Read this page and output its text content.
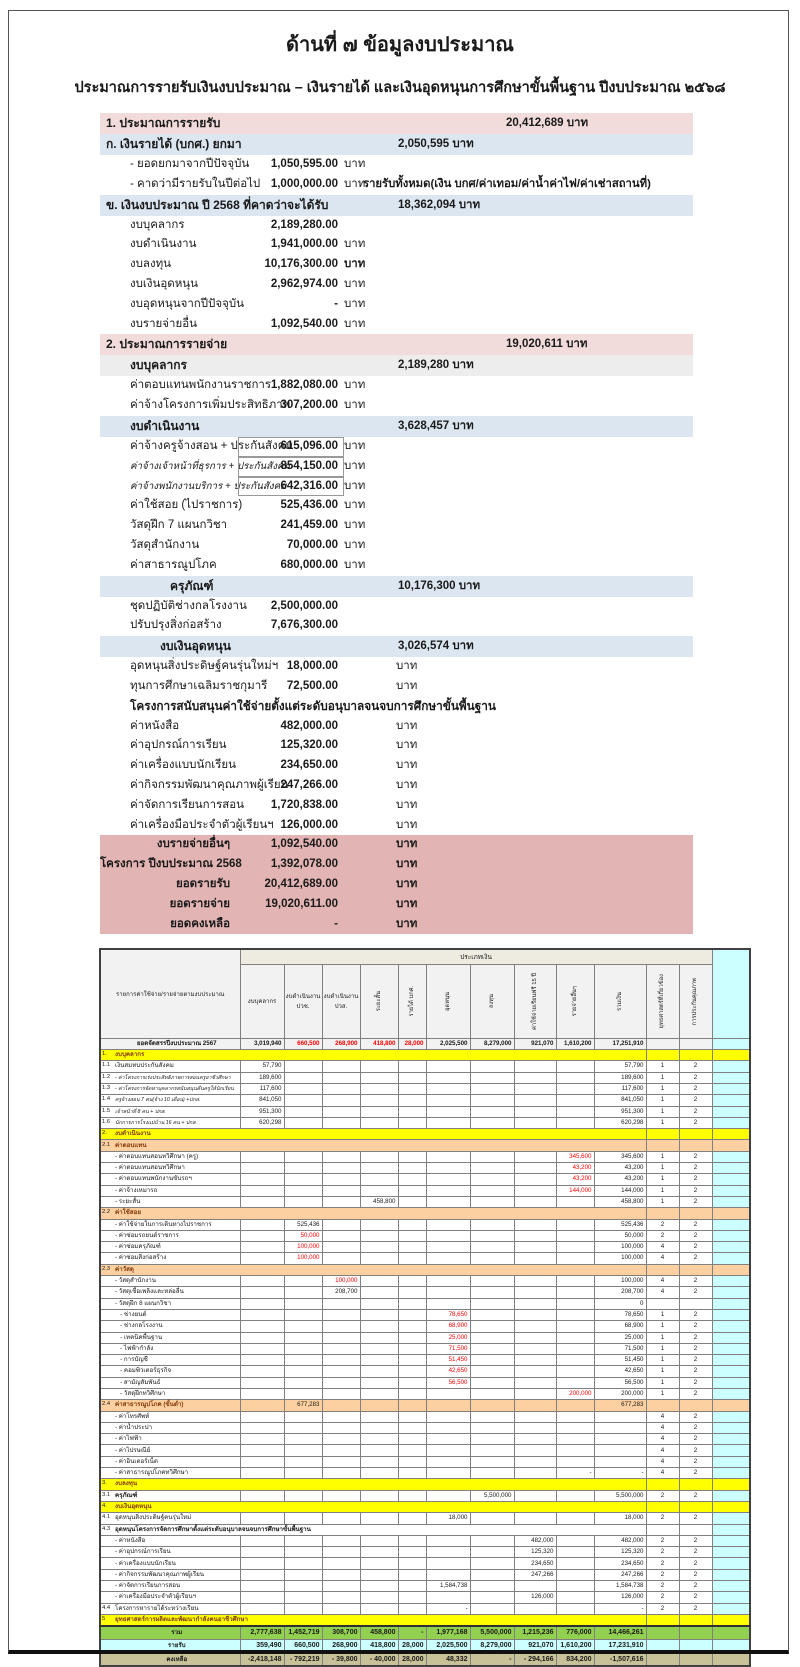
ด้านที่ ๗ ข้อมูลงบประมาณ
ประมาณการรายรับเงินงบประมาณ – เงินรายได้ และเงินอุดหนุนการศึกษาขั้นพื้นฐาน ปีงบประมาณ ๒๕๖๘
1. ประมาณการรายรับ	20,412,689 บาท
ก. เงินรายได้ (บกศ.) ยกมา	2,050,595 บาท
- ยอดยกมาจากปีปัจจุบัน	1,050,595.00 บาท
- คาดว่ามีรายรับในปีต่อไป 1,000,000.00 บาท
รายรับทั้งหมด(เงิน บกศ/ค่าเทอม/ค่าน้ำค่าไฟ/ค่าเช่าสถานที่)
ข. เงินงบประมาณ ปี 2568 ที่คาดว่าจะได้รับ	18,362,094 บาท
งบบุคลากร	2,189,280.00
งบดำเนินงาน	1,941,000.00 บาท
งบลงทุน	10,176,300.00 บาท
งบเงินอุดหนุน	2,962,974.00 บาท
งบอุดหนุนจากปีปัจจุบัน	- บาท
งบรายจ่ายอื่น	1,092,540.00 บาท
2. ประมาณการรายจ่าย	19,020,611 บาท
งบบุคลากร	2,189,280 บาท
ค่าตอบแทนพนักงานราชการ 1,882,080.00 บาท
ค่าจ้างโครงการเพิ่มประสิทธิภาพ
307,200.00 บาท
งบดำเนินงาน	3,628,457 บาท
ค่าจ้างครูจ้างสอน + ประกันสังคม
615,096.00 บาท
ค่าจ้างเจ้าหน้าที่ธุรการ + ประกันสังคม
854,150.00 บาท
ค่าจ้างพนักงานบริการ + ประกันสังคม
642,316.00 บาท
ค่าใช้สอย (ไปราชการ)	525,436.00 บาท
วัสดุฝึก 7 แผนกวิชา	241,459.00 บาท
วัสดุสำนักงาน	70,000.00 บาท
ค่าสาธารณูปโภค	680,000.00 บาท
ครุภัณฑ์	10,176,300 บาท
ชุดปฏิบัติช่างกลโรงงาน	2,500,000.00
ปรับปรุงสิ่งก่อสร้าง	7,676,300.00
งบเงินอุดหนุน	3,026,574 บาท
อุดหนุนสิ่งประดิษฐ์คนรุ่นใหม่ฯ 18,000.00	บาท
ทุนการศึกษาเฉลิมราชกุมารี	72,500.00	บาท
โครงการสนับสนุนค่าใช้จ่ายตั้งแต่ระดับอนุบาลจนจบการศึกษาขั้นพื้นฐาน
ค่าหนังสือ	482,000.00	บาท
ค่าอุปกรณ์การเรียน	125,320.00	บาท
ค่าเครื่องแบบนักเรียน	234,650.00	บาท
ค่ากิจกรรมพัฒนาคุณภาพผู้เรียน
247,266.00	บาท
ค่าจัดการเรียนการสอน	1,720,838.00	บาท
ค่าเครื่องมือประจำตัวผู้เรียนฯ 126,000.00	บาท
งบรายจ่ายอื่นๆ	1,092,540.00	บาท
โครงการ ปีงบประมาณ 2568	1,392,078.00	บาท
ยอดรายรับ	20,412,689.00	บาท
ยอดรายจ่าย	19,020,611.00	บาท
ยอดคงเหลือ	-	บาท
รายการค่าใช้จ่าย/รายจ่ายตามงบประมาณ	ประเภทเงิน												

	งบบุคลากร	งบดำเนินงาน ปวช.	งบดำเนินงาน ปวส.	ระยะสั้น	รายได้ บกศ.	อุดหนุน	ลงทุน	ค่าใช้จ่ายเรียนฟรี 15 ปี	รายจ่ายอื่นๆ	รวมเงิน	ยุทธศาสตร์ที่เกี่ยวข้อง	การประกันคุณภาพ	

ยอดจัดสรรปีงบประมาณ 2567	3,019,940	660,500	268,900	418,800	28,000	2,025,500	8,279,000	921,070	1,610,200	17,251,910			
1. งบบุคลากร													
1.1 เงินสมทบประกันสังคม	57,790									57,790	1	2	
1.2 - ค่าโครงการเร่งประสิทธิภาพการสอนครูอาชีวศึกษา	189,600									189,600	1	2	
1.3 - ค่าโครงการจัดหาบุคลากรสนับสนุนคืนครูให้นักเรียน	117,600									117,600	1	2	
1.4 ครูจ้างสอน 7 คน(จ้าง 10 เดือน) +ปกส.	841,050									841,050	1	2	
1.5 เจ้าหน้าที่ 8 คน + ปกส.	951,300									951,300	1	2	
1.6 นักการภารโรงแม่บ้าน 16 คน + ปกส.	620,298									620,298	1	2	
2. งบดำเนินงาน													
2.1 ค่าตอบแทน													
- ค่าตอบแทนสอนทวิศึกษา (ครู)									345,600	345,600	1	2	
- ค่าตอบแทนสอนทวิศึกษา									43,200	43,200	1	2	
- ค่าตอบแทนพนักงานขับรถฯ									43,200	43,200	1	2	
- ค่าจ้างเหมารถ									144,000	144,000	1	2	
- ระยะสั้น				458,800						458,800	1	2	
2.2 ค่าใช้สอย													
- ค่าใช้จ่ายในการเดินทางไปราชการ		525,436								525,436	2	2	
- ค่าซ่อมรถยนต์ราชการ		50,000								50,000	2	2	
- ค่าซ่อมครุภัณฑ์		100,000								100,000	4	2	
- ค่าซ่อมสิ่งก่อสร้าง		100,000								100,000	4	2	
2.3 ค่าวัสดุ													
- วัสดุสำนักงาน			100,000							100,000	4	2	
- วัสดุเชื้อเพลิงและหล่อลื่น			208,700							208,700	4	2	
- วัสดุฝึก 8 แผนกวิชา										0			
- ช่างยนต์						78,650				78,650	1	2	
- ช่างกลโรงงาน						68,900				68,900	1	2	
- เทคนิคพื้นฐาน						25,000				25,000	1	2	
- ไฟฟ้ากำลัง						71,500				71,500	1	2	
- การบัญชี						51,450				51,450	1	2	
- คอมพิวเตอร์ธุรกิจ						42,650				42,650	1	2	
- สามัญสัมพันธ์						56,500				56,500	1	2	
- วัสดุฝึกทวิศึกษา									200,000	200,000	1	2	
2.4 ค่าสาธารณูปโภค (ขั้นต่ำ)		677,283								677,283			
- ค่าโทรศัพท์											4	2	
- ค่าน้ำประปา											4	2	
- ค่าไฟฟ้า											4	2	
- ค่าไปรษณีย์											4	2	
- ค่าอินเตอร์เน็ต											4	2	
- ค่าสาธารณูปโภคทวิศึกษา									-	-	4	2	
3. งบลงทุน													
3.1 ครุภัณฑ์							5,500,000			5,500,000	2	2	
4. งบเงินอุดหนุน													
4.1 อุดหนุนสิ่งประดิษฐ์คนรุ่นใหม่						18,000				18,000	2	2	
4.3 อุดหนุนโครงการจัดการศึกษาตั้งแต่ระดับอนุบาลจนจบการศึกษาขั้นพื้นฐาน													
- ค่าหนังสือ								482,000		482,000	2	2	
- ค่าอุปกรณ์การเรียน								125,320		125,320	2	2	
- ค่าเครื่องแบบนักเรียน								234,650		234,650	2	2	
- ค่ากิจกรรมพัฒนาคุณภาพผู้เรียน								247,266		247,266	2	2	
- ค่าจัดการเรียนการสอน						1,584,738				1,584,738	2	2	
- ค่าเครื่องมือประจำตัวผู้เรียนฯ								126,000		126,000	2	2	
4.4 โครงการหารายได้ระหว่างเรียน						-				-	2	2	
5 ยุทธศาสตร์การผลิตและพัฒนากำลังคนอาชีวศึกษา													
รวม	2,777,638	1,452,719	308,700	458,800	-	1,977,168	5,500,000	1,215,236	776,000	14,466,261			
รายรับ	359,490	660,500	268,900	418,800	28,000	2,025,500	8,279,000	921,070	1,610,200	17,231,910			
คงเหลือ	-2,418,148	- 792,219	- 39,800	- 40,000	28,000	48,332	-	- 294,166	834,200	-1,507,616			
